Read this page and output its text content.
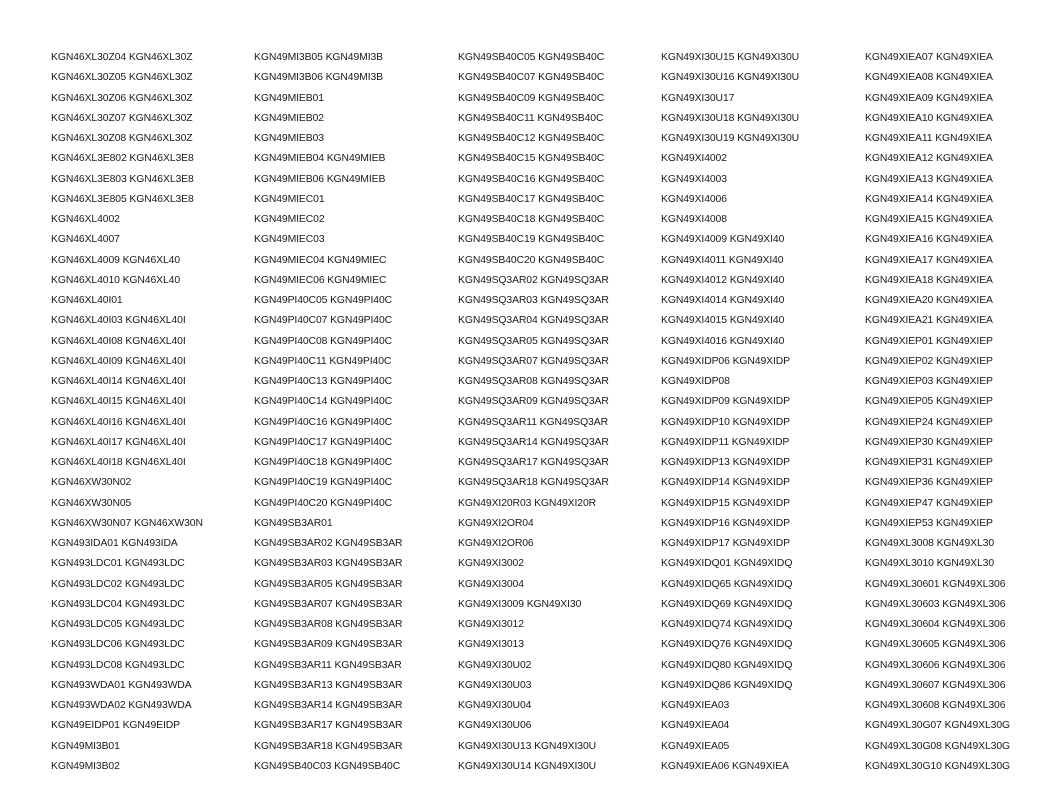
KGN46XL30Z04 KGN46XL30Z
KGN46XL30Z05 KGN46XL30Z
KGN46XL30Z06 KGN46XL30Z
KGN46XL30Z07 KGN46XL30Z
KGN46XL30Z08 KGN46XL30Z
KGN46XL3E802 KGN46XL3E8
KGN46XL3E803 KGN46XL3E8
KGN46XL3E805 KGN46XL3E8
KGN46XL4002
KGN46XL4007
KGN46XL4009 KGN46XL40
KGN46XL4010 KGN46XL40
KGN46XL40I01
KGN46XL40I03 KGN46XL40I
KGN46XL40I08 KGN46XL40I
KGN46XL40I09 KGN46XL40I
KGN46XL40I14 KGN46XL40I
KGN46XL40I15 KGN46XL40I
KGN46XL40I16 KGN46XL40I
KGN46XL40I17 KGN46XL40I
KGN46XL40I18 KGN46XL40I
KGN46XW30N02
KGN46XW30N05
KGN46XW30N07 KGN46XW30N
KGN493IDA01 KGN493IDA
KGN493LDC01 KGN493LDC
KGN493LDC02 KGN493LDC
KGN493LDC04 KGN493LDC
KGN493LDC05 KGN493LDC
KGN493LDC06 KGN493LDC
KGN493LDC08 KGN493LDC
KGN493WDA01 KGN493WDA
KGN493WDA02 KGN493WDA
KGN49EIDP01 KGN49EIDP
KGN49MI3B01
KGN49MI3B02
KGN49MI3B05 KGN49MI3B
KGN49MI3B06 KGN49MI3B
KGN49MIEB01
KGN49MIEB02
KGN49MIEB03
KGN49MIEB04 KGN49MIEB
KGN49MIEB06 KGN49MIEB
KGN49MIEC01
KGN49MIEC02
KGN49MIEC03
KGN49MIEC04 KGN49MIEC
KGN49MIEC06 KGN49MIEC
KGN49PI40C05 KGN49PI40C
KGN49PI40C07 KGN49PI40C
KGN49PI40C08 KGN49PI40C
KGN49PI40C11 KGN49PI40C
KGN49PI40C13 KGN49PI40C
KGN49PI40C14 KGN49PI40C
KGN49PI40C16 KGN49PI40C
KGN49PI40C17 KGN49PI40C
KGN49PI40C18 KGN49PI40C
KGN49PI40C19 KGN49PI40C
KGN49PI40C20 KGN49PI40C
KGN49SB3AR01
KGN49SB3AR02 KGN49SB3AR
KGN49SB3AR03 KGN49SB3AR
KGN49SB3AR05 KGN49SB3AR
KGN49SB3AR07 KGN49SB3AR
KGN49SB3AR08 KGN49SB3AR
KGN49SB3AR09 KGN49SB3AR
KGN49SB3AR11 KGN49SB3AR
KGN49SB3AR13 KGN49SB3AR
KGN49SB3AR14 KGN49SB3AR
KGN49SB3AR17 KGN49SB3AR
KGN49SB3AR18 KGN49SB3AR
KGN49SB40C03 KGN49SB40C
KGN49SB40C05 KGN49SB40C
KGN49SB40C07 KGN49SB40C
KGN49SB40C09 KGN49SB40C
KGN49SB40C11 KGN49SB40C
KGN49SB40C12 KGN49SB40C
KGN49SB40C15 KGN49SB40C
KGN49SB40C16 KGN49SB40C
KGN49SB40C17 KGN49SB40C
KGN49SB40C18 KGN49SB40C
KGN49SB40C19 KGN49SB40C
KGN49SB40C20 KGN49SB40C
KGN49SQ3AR02 KGN49SQ3AR
KGN49SQ3AR03 KGN49SQ3AR
KGN49SQ3AR04 KGN49SQ3AR
KGN49SQ3AR05 KGN49SQ3AR
KGN49SQ3AR07 KGN49SQ3AR
KGN49SQ3AR08 KGN49SQ3AR
KGN49SQ3AR09 KGN49SQ3AR
KGN49SQ3AR11 KGN49SQ3AR
KGN49SQ3AR14 KGN49SQ3AR
KGN49SQ3AR17 KGN49SQ3AR
KGN49SQ3AR18 KGN49SQ3AR
KGN49XI20R03 KGN49XI20R
KGN49XI2OR04
KGN49XI2OR06
KGN49XI3002
KGN49XI3004
KGN49XI3009 KGN49XI30
KGN49XI3012
KGN49XI3013
KGN49XI30U02
KGN49XI30U03
KGN49XI30U04
KGN49XI30U06
KGN49XI30U13 KGN49XI30U
KGN49XI30U14 KGN49XI30U
KGN49XI30U15 KGN49XI30U
KGN49XI30U16 KGN49XI30U
KGN49XI30U17
KGN49XI30U18 KGN49XI30U
KGN49XI30U19 KGN49XI30U
KGN49XI4002
KGN49XI4003
KGN49XI4006
KGN49XI4008
KGN49XI4009 KGN49XI40
KGN49XI4011 KGN49XI40
KGN49XI4012 KGN49XI40
KGN49XI4014 KGN49XI40
KGN49XI4015 KGN49XI40
KGN49XI4016 KGN49XI40
KGN49XIDP06 KGN49XIDP
KGN49XIDP08
KGN49XIDP09 KGN49XIDP
KGN49XIDP10 KGN49XIDP
KGN49XIDP11 KGN49XIDP
KGN49XIDP13 KGN49XIDP
KGN49XIDP14 KGN49XIDP
KGN49XIDP15 KGN49XIDP
KGN49XIDP16 KGN49XIDP
KGN49XIDP17 KGN49XIDP
KGN49XIDQ01 KGN49XIDQ
KGN49XIDQ65 KGN49XIDQ
KGN49XIDQ69 KGN49XIDQ
KGN49XIDQ74 KGN49XIDQ
KGN49XIDQ76 KGN49XIDQ
KGN49XIDQ80 KGN49XIDQ
KGN49XIDQ86 KGN49XIDQ
KGN49XIEA03
KGN49XIEA04
KGN49XIEA05
KGN49XIEA06 KGN49XIEA
KGN49XIEA07 KGN49XIEA
KGN49XIEA08 KGN49XIEA
KGN49XIEA09 KGN49XIEA
KGN49XIEA10 KGN49XIEA
KGN49XIEA11 KGN49XIEA
KGN49XIEA12 KGN49XIEA
KGN49XIEA13 KGN49XIEA
KGN49XIEA14 KGN49XIEA
KGN49XIEA15 KGN49XIEA
KGN49XIEA16 KGN49XIEA
KGN49XIEA17 KGN49XIEA
KGN49XIEA18 KGN49XIEA
KGN49XIEA20 KGN49XIEA
KGN49XIEA21 KGN49XIEA
KGN49XIEP01 KGN49XIEP
KGN49XIEP02 KGN49XIEP
KGN49XIEP03 KGN49XIEP
KGN49XIEP05 KGN49XIEP
KGN49XIEP24 KGN49XIEP
KGN49XIEP30 KGN49XIEP
KGN49XIEP31 KGN49XIEP
KGN49XIEP36 KGN49XIEP
KGN49XIEP47 KGN49XIEP
KGN49XIEP53 KGN49XIEP
KGN49XL3008 KGN49XL30
KGN49XL3010 KGN49XL30
KGN49XL30601 KGN49XL306
KGN49XL30603 KGN49XL306
KGN49XL30604 KGN49XL306
KGN49XL30605 KGN49XL306
KGN49XL30606 KGN49XL306
KGN49XL30607 KGN49XL306
KGN49XL30608 KGN49XL306
KGN49XL30G07 KGN49XL30G
KGN49XL30G08 KGN49XL30G
KGN49XL30G10 KGN49XL30G
